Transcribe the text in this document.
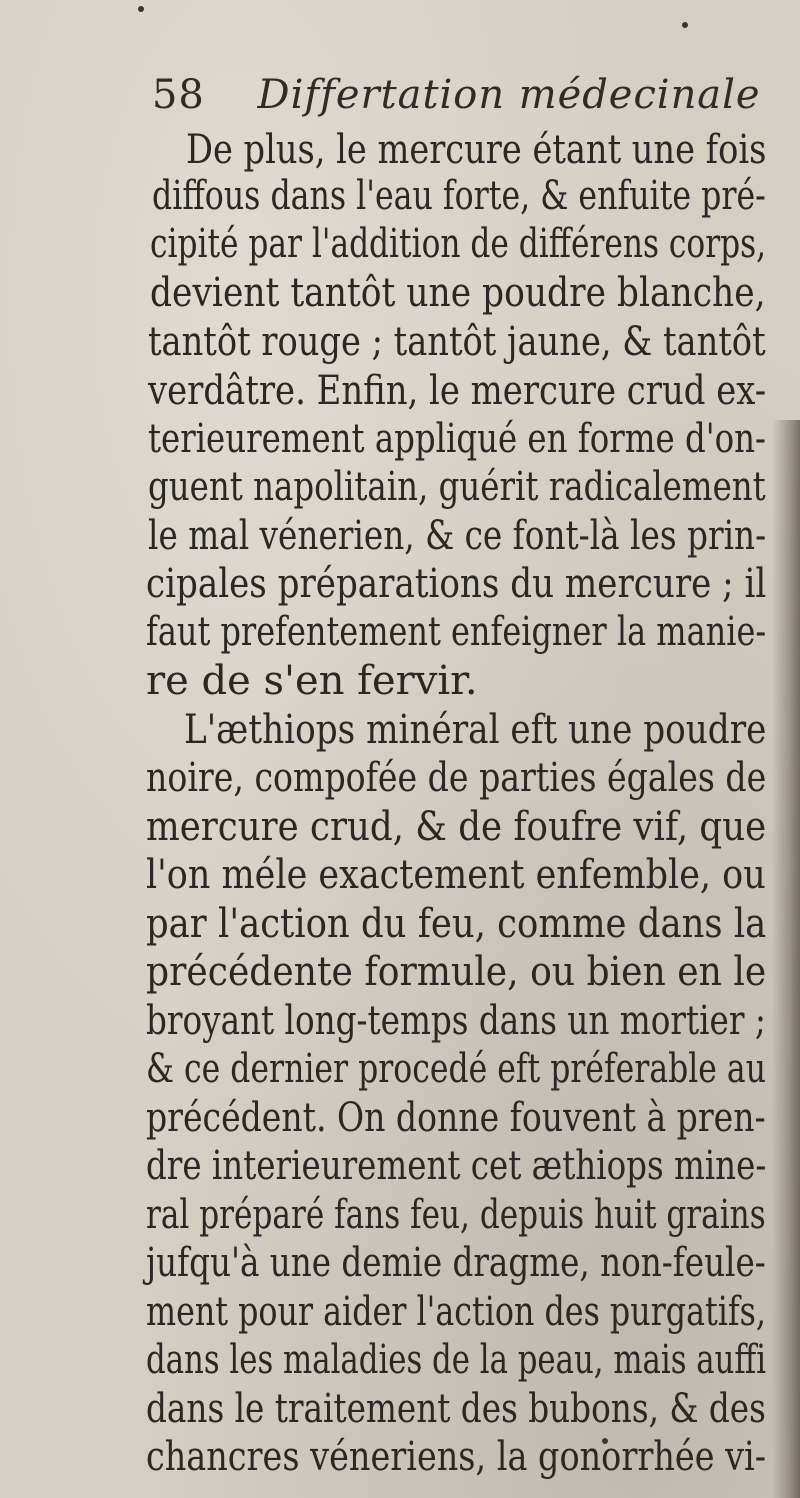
58 Differtation médecinale
De plus, le mercure étant une fois
diffous dans l'eau forte, & enfuite pré-
cipité par l'addition de différens corps,
devient tantôt une poudre blanche,
tantôt rouge ; tantôt jaune, & tantôt
verdâtre. Enfin, le mercure crud ex-
terieurement appliqué en forme d'on-
guent napolitain, guérit radicalement
le mal vénerien, & ce font-là les prin-
cipales préparations du mercure ; il
faut prefentement enfeigner la manie-
re de s'en fervir.
L'æthiops minéral eft une poudre
noire, compofée de parties égales de
mercure crud, & de foufre vif, que
l'on méle exactement enfemble, ou
par l'action du feu, comme dans la
précédente formule, ou bien en le
broyant long-temps dans un mortier ;
& ce dernier procedé eft préferable au
précédent. On donne fouvent à pren-
dre interieurement cet æthiops mine-
ral préparé fans feu, depuis huit grains
jufqu'à une demie dragme, non-feule-
ment pour aider l'action des purgatifs,
dans les maladies de la peau, mais auffi
dans le traitement des bubons, & des
chancres véneriens, la gonorrhée vi-
